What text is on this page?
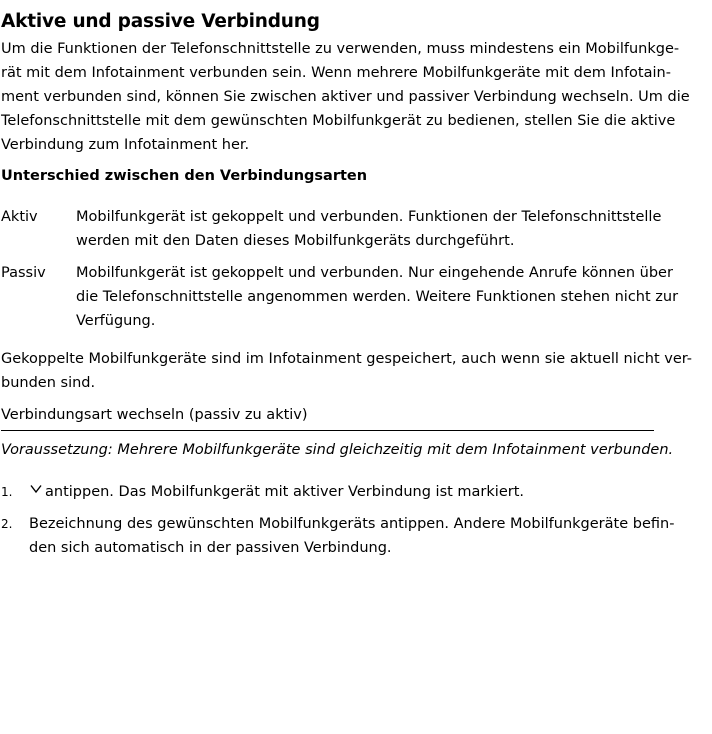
Aktive und passive Verbindung

Um die Funktionen der Telefonschnittstelle zu verwenden, muss mindestens ein Mobilfunkge-
rät mit dem Infotainment verbunden sein. Wenn mehrere Mobilfunkgeräte mit dem Infotain-
ment verbunden sind, können Sie zwischen aktiver und passiver Verbindung wechseln. Um die
Telefonschnittstelle mit dem gewünschten Mobilfunkgerät zu bedienen, stellen Sie die aktive
Verbindung zum Infotainment her.

Unterschied zwischen den Verbindungsarten
Aktiv	Mobilfunkgerät ist gekoppelt und verbunden. Funktionen der Telefonschnittstelle
werden mit den Daten dieses Mobilfunkgeräts durchgeführt.
Passiv	Mobilfunkgerät ist gekoppelt und verbunden. Nur eingehende Anrufe können über
die Telefonschnittstelle angenommen werden. Weitere Funktionen stehen nicht zur
Verfügung.

Gekoppelte Mobilfunkgeräte sind im Infotainment gespeichert, auch wenn sie aktuell nicht ver-
bunden sind.

Verbindungsart wechseln (passiv zu aktiv)

Voraussetzung: Mehrere Mobilfunkgeräte sind gleichzeitig mit dem Infotainment verbunden.

1.	antippen. Das Mobilfunkgerät mit aktiver Verbindung ist markiert.
2.	Bezeichnung des gewünschten Mobilfunkgeräts antippen. Andere Mobilfunkgeräte befin-
den sich automatisch in der passiven Verbindung.
